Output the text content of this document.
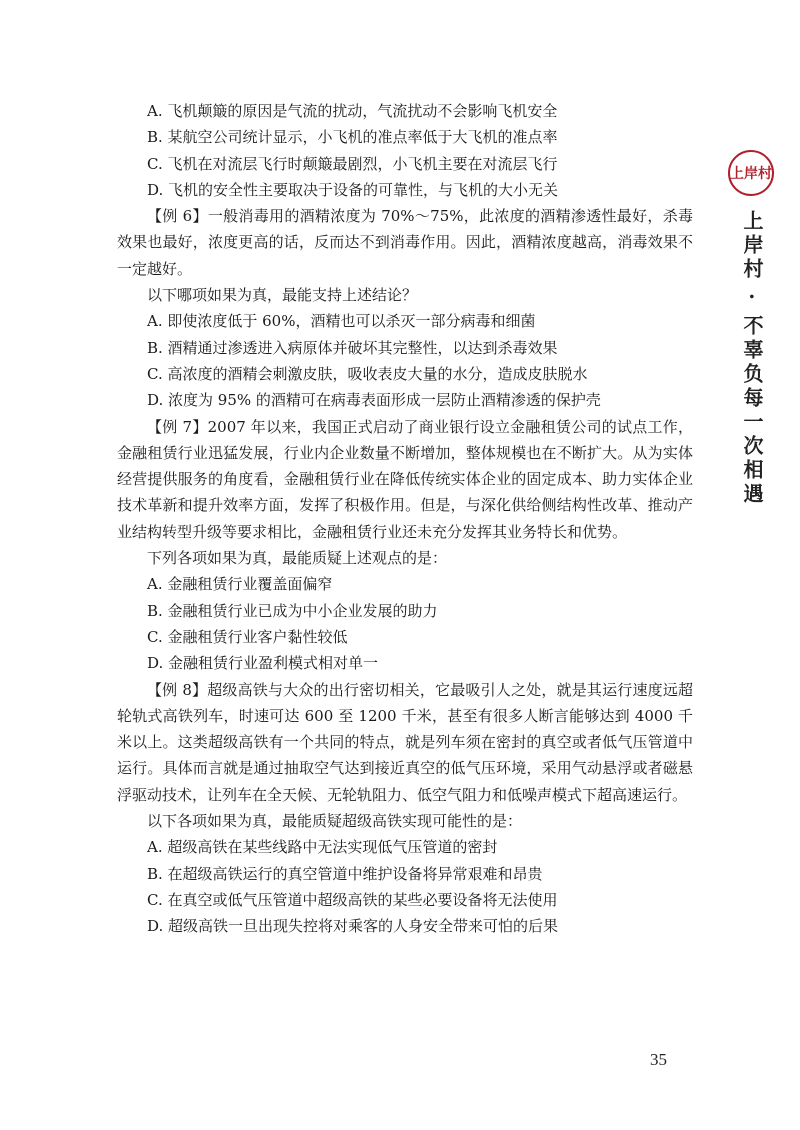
A. 飞机颠簸的原因是气流的扰动，气流扰动不会影响飞机安全

B. 某航空公司统计显示，小飞机的准点率低于大飞机的准点率

C. 飞机在对流层飞行时颠簸最剧烈，小飞机主要在对流层飞行

D. 飞机的安全性主要取决于设备的可靠性，与飞机的大小无关

【例 6】一般消毒用的酒精浓度为 70%～75%，此浓度的酒精渗透性最好，杀毒效果也最好，浓度更高的话，反而达不到消毒作用。因此，酒精浓度越高，消毒效果不一定越好。

以下哪项如果为真，最能支持上述结论？

A. 即使浓度低于 60%，酒精也可以杀灭一部分病毒和细菌

B. 酒精通过渗透进入病原体并破坏其完整性，以达到杀毒效果

C. 高浓度的酒精会刺激皮肤，吸收表皮大量的水分，造成皮肤脱水

D. 浓度为 95% 的酒精可在病毒表面形成一层防止酒精渗透的保护壳

【例 7】2007 年以来，我国正式启动了商业银行设立金融租赁公司的试点工作，金融租赁行业迅猛发展，行业内企业数量不断增加，整体规模也在不断扩大。从为实体经营提供服务的角度看，金融租赁行业在降低传统实体企业的固定成本、助力实体企业技术革新和提升效率方面，发挥了积极作用。但是，与深化供给侧结构性改革、推动产业结构转型升级等要求相比，金融租赁行业还未充分发挥其业务特长和优势。

下列各项如果为真，最能质疑上述观点的是：

A. 金融租赁行业覆盖面偏窄

B. 金融租赁行业已成为中小企业发展的助力

C. 金融租赁行业客户黏性较低

D. 金融租赁行业盈利模式相对单一

【例 8】超级高铁与大众的出行密切相关，它最吸引人之处，就是其运行速度远超轮轨式高铁列车，时速可达 600 至 1200 千米，甚至有很多人断言能够达到 4000 千米以上。这类超级高铁有一个共同的特点，就是列车须在密封的真空或者低气压管道中运行。具体而言就是通过抽取空气达到接近真空的低气压环境，采用气动悬浮或者磁悬浮驱动技术，让列车在全天候、无轮轨阻力、低空气阻力和低噪声模式下超高速运行。

以下各项如果为真，最能质疑超级高铁实现可能性的是：

A. 超级高铁在某些线路中无法实现低气压管道的密封

B. 在超级高铁运行的真空管道中维护设备将异常艰难和昂贵

C. 在真空或低气压管道中超级高铁的某些必要设备将无法使用

D. 超级高铁一旦出现失控将对乘客的人身安全带来可怕的后果

上岸村
上岸村 · 不辜负每一次相遇
35
